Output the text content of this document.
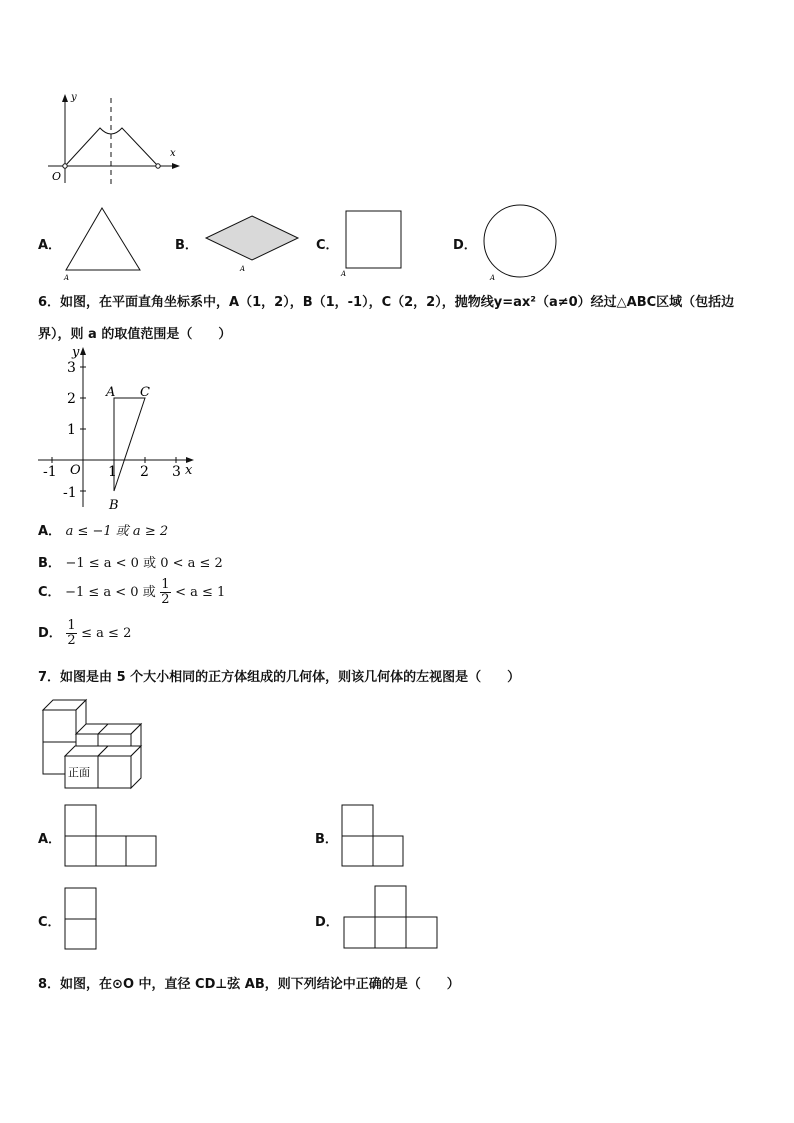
y
x
O
A．
A
B．
A
C．
A
D．
A
6．如图，在平面直角坐标系中，A（1，2），B（1，-1），C（2，2），抛物线y=ax²（a≠0）经过△ABC区域（包括边
界），则 a 的取值范围是（　　）
y
x
O
3
2
1
-1
-1	1 2 3
A C
B
A． a ≤ −1 或 a ≥ 2
B． −1 ≤ a < 0 或 0 < a ≤ 2
C． −1 ≤ a < 0 或 $\frac{1}{2} < a \le 1$
D． $\frac{1}{2} \le a \le 2$
7．如图是由 5 个大小相同的正方体组成的几何体，则该几何体的左视图是（　　）
正面
A．	B．
C．	D．
8．如图，在⊙O 中，直径 CD⊥弦 AB，则下列结论中正确的是（　　）
